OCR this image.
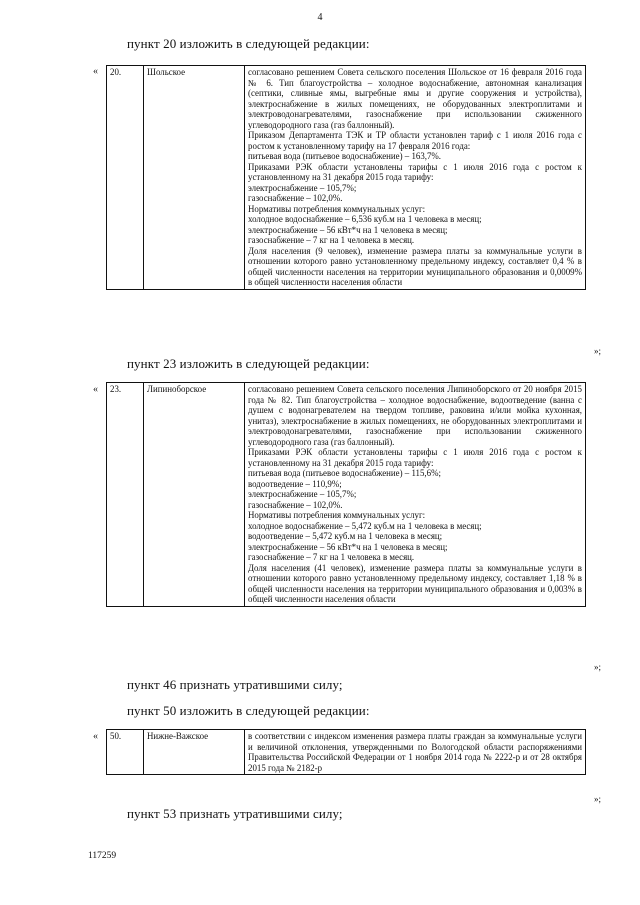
4
пункт 20 изложить в следующей редакции:
« 20.	Шольское	согласовано решением Совета сельского поселения Шольское от 16 февраля 2016 года № 6. Тип благоустройства – холодное водоснабжение, автономная канализация (септики, сливные ямы, выгребные ямы и другие сооружения и устройства), электроснабжение в жилых помещениях, не оборудованных электроплитами и электроводонагревателями, газоснабжение при использовании сжиженного углеводородного газа (газ баллонный).

Приказом Департамента ТЭК и ТР области установлен тариф с 1 июля 2016 года с ростом к установленному тарифу на 17 февраля 2016 года:

питьевая вода (питьевое водоснабжение) – 163,7%.

Приказами РЭК области установлены тарифы с 1 июля 2016 года с ростом к установленному на 31 декабря 2015 года тарифу:

электроснабжение – 105,7%;

газоснабжение – 102,0%.

Нормативы потребления коммунальных услуг:

холодное водоснабжение – 6,536 куб.м на 1 человека в месяц;

электроснабжение – 56 кВт*ч на 1 человека в месяц;

газоснабжение – 7 кг на 1 человека в месяц.

Доля населения (9 человек), изменение размера платы за коммунальные услуги в отношении которого равно установленному предельному индексу, составляет 0,4 % в общей численности населения на территории муниципального образования и 0,0009% в общей численности населения области

»;
пункт 23 изложить в следующей редакции:
« 23.	Липиноборское	согласовано решением Совета сельского поселения Липиноборского от 20 ноября 2015 года № 82. Тип благоустройства – холодное водоснабжение, водоотведение (ванна с душем с водонагревателем на твердом топливе, раковина и/или мойка кухонная, унитаз), электроснабжение в жилых помещениях, не оборудованных электроплитами и электроводонагревателями, газоснабжение при использовании сжиженного углеводородного газа (газ баллонный).

Приказами РЭК области установлены тарифы с 1 июля 2016 года с ростом к установленному на 31 декабря 2015 года тарифу:

питьевая вода (питьевое водоснабжение) – 115,6%;

водоотведение – 110,9%;

электроснабжение – 105,7%;

газоснабжение – 102,0%.

Нормативы потребления коммунальных услуг:

холодное водоснабжение – 5,472 куб.м на 1 человека в месяц;

водоотведение – 5,472 куб.м на 1 человека в месяц;

электроснабжение – 56 кВт*ч на 1 человека в месяц;

газоснабжение – 7 кг на 1 человека в месяц.

Доля населения (41 человек), изменение размера платы за коммунальные услуги в отношении которого равно установленному предельному индексу, составляет 1,18 % в общей численности населения на территории муниципального образования и 0,003% в общей численности населения области

»;
пункт 46 признать утратившими силу;
пункт 50 изложить в следующей редакции:
« 50.	Нижне-Важское	в соответствии с индексом изменения размера платы граждан за коммунальные услуги и величиной отклонения, утвержденными по Вологодской области распоряжениями Правительства Российской Федерации от 1 ноября 2014 года № 2222-р и от 28 октября 2015 года № 2182-р

»;
пункт 53 признать утратившими силу;
117259
